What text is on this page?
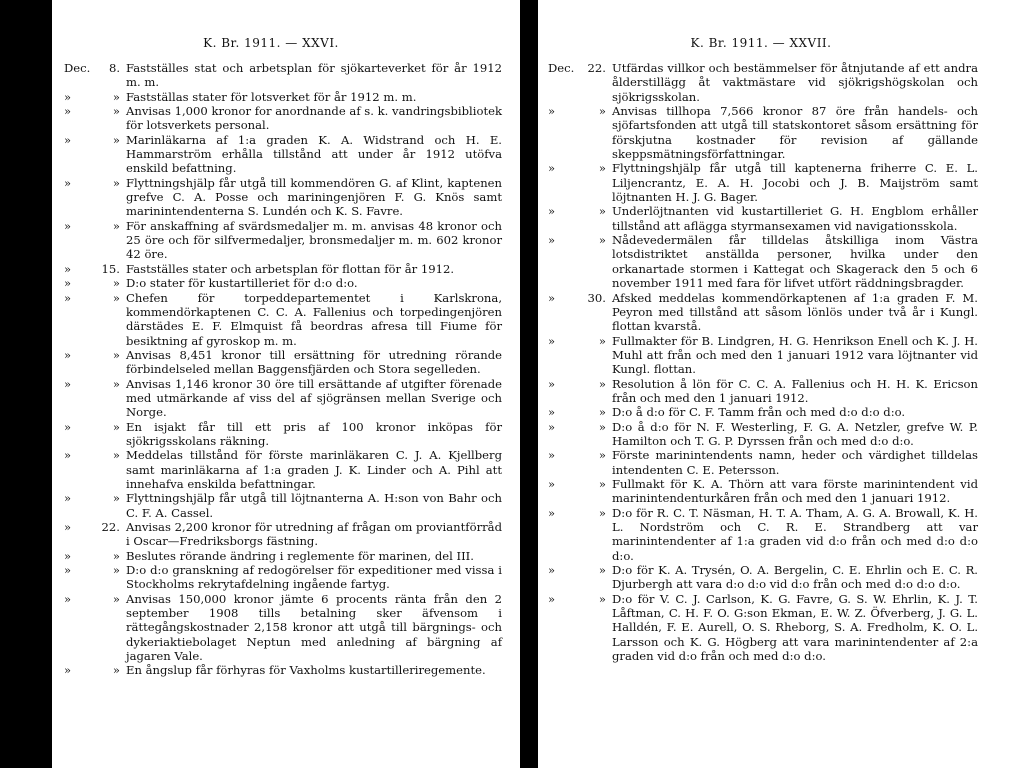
K. Br. 1911. — XXVI.
Dec.	8. Fastställes stat och arbetsplan för sjökarteverket för år 1912 m. m.
»	» Fastställas stater för lotsverket för år 1912 m. m.
»	» Anvisas 1,000 kronor for anordnande af s. k. vandringsbibliotek för lotsverkets personal.
»	» Marinläkarna af 1:a graden K. A. Widstrand och H. E. Hammarström erhålla tillstånd att under år 1912 utöfva enskild befattning.
»	» Flyttningshjälp får utgå till kommendören G. af Klint, kaptenen grefve C. A. Posse och mariningenjören F. G. Knös samt marinintendenterna S. Lundén och K. S. Favre.
»	» För anskaffning af svärdsmedaljer m. m. anvisas 48 kronor och 25 öre och för silfvermedaljer, bronsmedaljer m. m. 602 kronor 42 öre.
»	15. Fastställes stater och arbetsplan för flottan för år 1912.
»	» D:o stater för kustartilleriet för d:o d:o.
»	» Chefen för torpeddepartementet i Karlskrona, kommendörkaptenen C. C. A. Fallenius och torpedingenjören därstädes E. F. Elmquist få beordras afresa till Fiume för besiktning af gyroskop m. m.
»	» Anvisas 8,451 kronor till ersättning för utredning rörande förbindelseled mellan Baggensfjärden och Stora segelleden.
»	» Anvisas 1,146 kronor 30 öre till ersättande af utgifter förenade med utmärkande af viss del af sjögränsen mellan Sverige och Norge.
»	» En isjakt får till ett pris af 100 kronor inköpas för sjökrigsskolans räkning.
»	» Meddelas tillstånd för förste marinläkaren C. J. A. Kjellberg samt marinläkarna af 1:a graden J. K. Linder och A. Pihl att innehafva enskilda befattningar.
»	» Flyttningshjälp får utgå till löjtnanterna A. H:son von Bahr och C. F. A. Cassel.
»	22. Anvisas 2,200 kronor för utredning af frågan om proviantförråd i Oscar—Fredriksborgs fästning.
»	» Beslutes rörande ändring i reglemente för marinen, del III.
»	» D:o d:o granskning af redogörelser för expeditioner med vissa i Stockholms rekrytafdelning ingående fartyg.
»	» Anvisas 150,000 kronor jämte 6 procents ränta från den 2 september 1908 tills betalning sker äfvensom i rättegångskostnader 2,158 kronor att utgå till bärgnings- och dykeriaktiebolaget Neptun med anledning af bärgning af jagaren Vale.
»	» En ångslup får förhyras för Vaxholms kustartilleriregemente.
K. Br. 1911. — XXVII.
Dec.	22. Utfärdas villkor och bestämmelser för åtnjutande af ett andra ålderstillägg åt vaktmästare vid sjökrigshögskolan och sjökrigsskolan.
»	» Anvisas tillhopa 7,566 kronor 87 öre från handels- och sjöfartsfonden att utgå till statskontoret såsom ersättning för förskjutna kostnader för revision af gällande skeppsmätningsförfattningar.
»	» Flyttningshjälp får utgå till kaptenerna friherre C. E. L. Liljencrantz, E. A. H. Jocobi och J. B. Maijström samt löjtnanten H. J. G. Bager.
»	» Underlöjtnanten vid kustartilleriet G. H. Engblom erhåller tillstånd att aflägga styrmansexamen vid navigationsskola.
»	» Nådevedermälen får tilldelas åtskilliga inom Västra lotsdistriktet anställda personer, hvilka under den orkanartade stormen i Kattegat och Skagerack den 5 och 6 november 1911 med fara för lifvet utfört räddningsbragder.
»	30. Afsked meddelas kommendörkaptenen af 1:a graden F. M. Peyron med tillstånd att såsom lönlös under två år i Kungl. flottan kvarstå.
»	» Fullmakter för B. Lindgren, H. G. Henrikson Enell och K. J. H. Muhl att från och med den 1 januari 1912 vara löjtnanter vid Kungl. flottan.
»	» Resolution å lön för C. C. A. Fallenius och H. H. K. Ericson från och med den 1 januari 1912.
»	» D:o å d:o för C. F. Tamm från och med d:o d:o d:o.
»	» D:o å d:o för N. F. Westerling, F. G. A. Netzler, grefve W. P. Hamilton och T. G. P. Dyrssen från och med d:o d:o.
»	» Förste marinintendents namn, heder och värdighet tilldelas intendenten C. E. Petersson.
»	» Fullmakt för K. A. Thörn att vara förste marinintendent vid marinintendenturkåren från och med den 1 januari 1912.
»	» D:o för R. C. T. Näsman, H. T. A. Tham, A. G. A. Browall, K. H. L. Nordström och C. R. E. Strandberg att var marinintendenter af 1:a graden vid d:o från och med d:o d:o d:o.
»	» D:o för K. A. Trysén, O. A. Bergelin, C. E. Ehrlin och E. C. R. Djurbergh att vara d:o d:o vid d:o från och med d:o d:o d:o.
»	» D:o för V. C. J. Carlson, K. G. Favre, G. S. W. Ehrlin, K. J. T. Låftman, C. H. F. O. G:son Ekman, E. W. Z. Öfverberg, J. G. L. Halldén, F. E. Aurell, O. S. Rheborg, S. A. Fredholm, K. O. L. Larsson och K. G. Högberg att vara marinintendenter af 2:a graden vid d:o från och med d:o d:o.
